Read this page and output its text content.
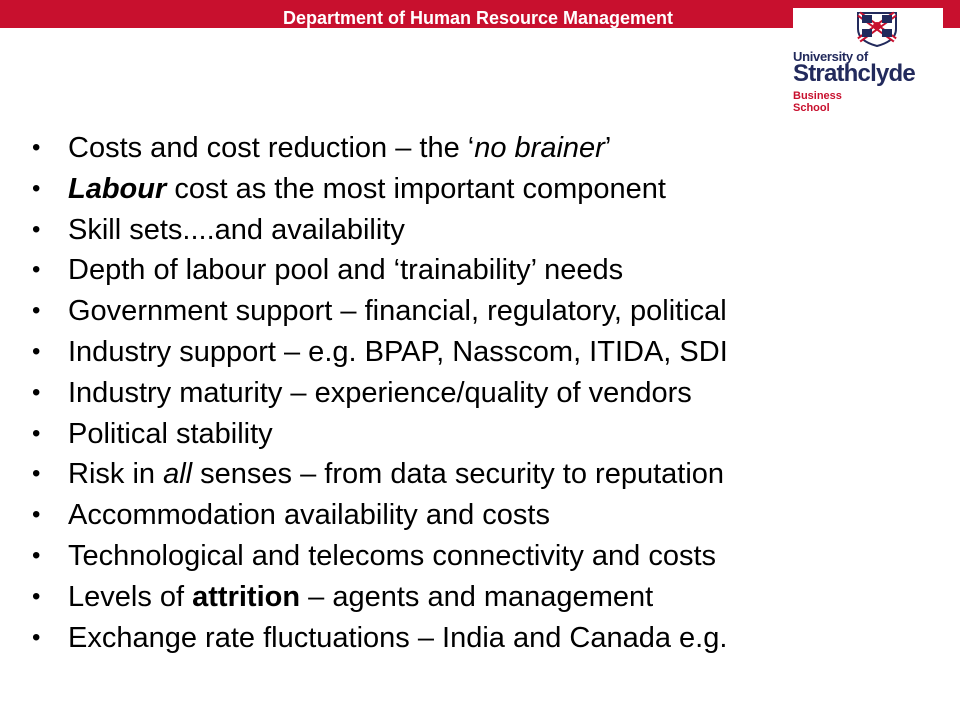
Department of Human Resource Management
University of
Strathclyde
Business
School
• Costs and cost reduction – the ‘no brainer’
• Labour cost as the most important component
• Skill sets....and availability
• Depth of labour pool and ‘trainability’ needs
• Government support – financial, regulatory, political
• Industry support – e.g. BPAP, Nasscom, ITIDA, SDI
• Industry maturity – experience/quality of vendors
• Political stability
• Risk in all senses – from data security to reputation
• Accommodation availability and costs
• Technological and telecoms connectivity and costs
• Levels of attrition – agents and management
• Exchange rate fluctuations – India and Canada e.g.
